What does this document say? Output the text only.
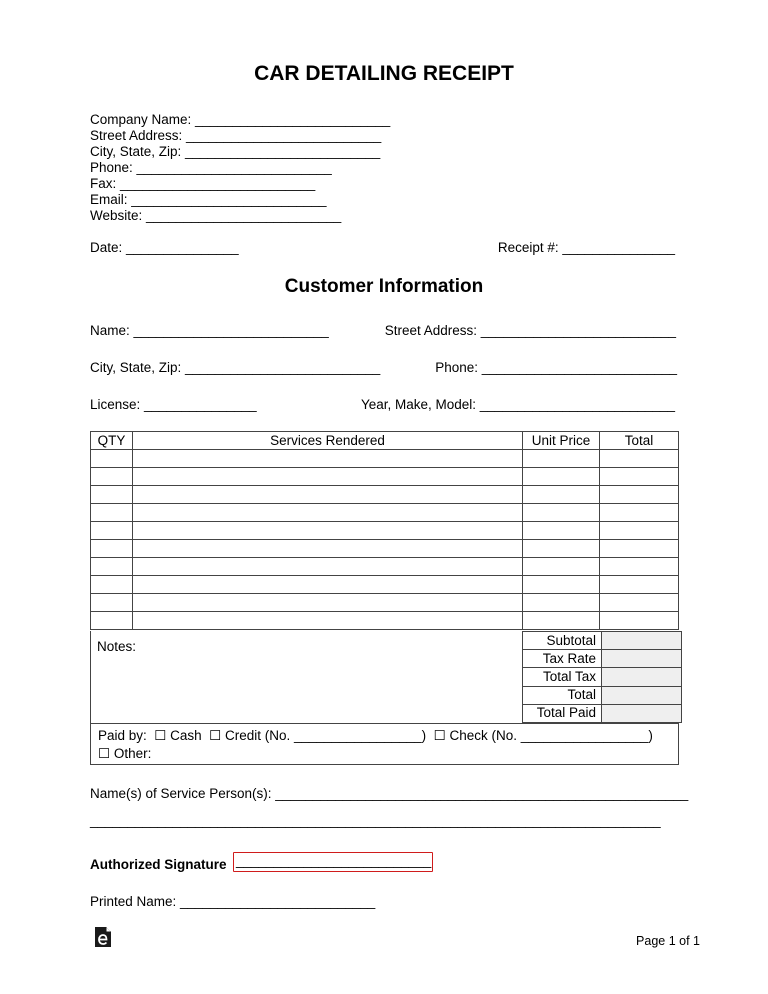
CAR DETAILING RECEIPT
Company Name: __________________________
Street Address: __________________________
City, State, Zip: __________________________
Phone: __________________________
Fax: __________________________
Email: __________________________
Website: __________________________
Date: _______________	Receipt #: _______________
Customer Information
Name: __________________________	Street Address: __________________________
City, State, Zip: __________________________	Phone: __________________________
License: _______________	Year, Make, Model: __________________________
QTY	Services Rendered	Unit Price	Total

Notes:	Subtotal	
Tax Rate	
Total Tax	
Total	
Total Paid	
Paid by:  ☐ Cash  ☐ Credit (No. _________________)  ☐ Check (No. _________________)
☐ Other:
Name(s) of Service Person(s): _______________________________________________________
____________________________________________________________________________
Authorized Signature __________________________
Printed Name: __________________________
Page 1 of 1
